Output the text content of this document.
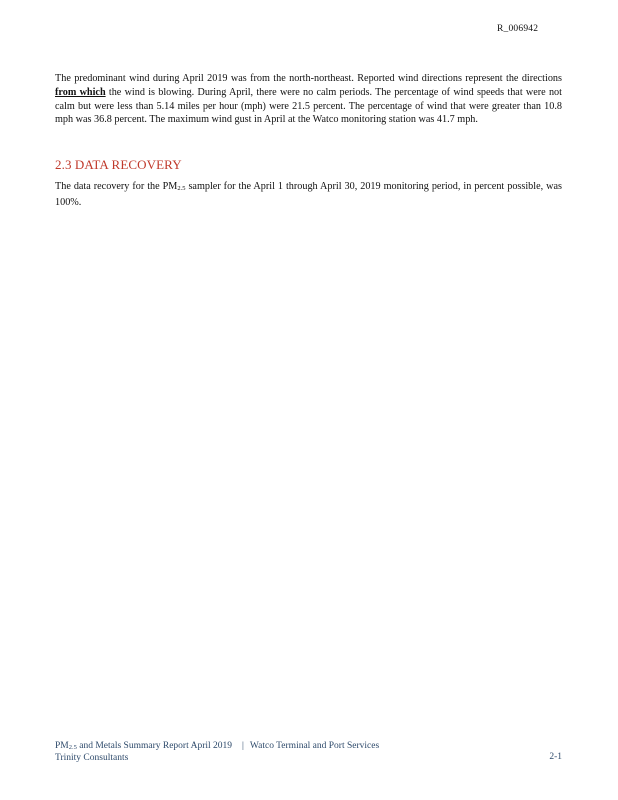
R_006942

The predominant wind during April 2019 was from the north-northeast. Reported wind directions represent the directions from which the wind is blowing. During April, there were no calm periods. The percentage of wind speeds that were not calm but were less than 5.14 miles per hour (mph) were 21.5 percent. The percentage of wind that were greater than 10.8 mph was 36.8 percent. The maximum wind gust in April at the Watco monitoring station was 41.7 mph.

2.3 DATA RECOVERY

The data recovery for the $PM_{2.5}$ sampler for the April 1 through April 30, 2019 monitoring period, in percent possible, was 100%.

$PM_{2.5}$ and Metals Summary Report April 2019 | Watco Terminal and Port Services
Trinity Consultants	2-1
